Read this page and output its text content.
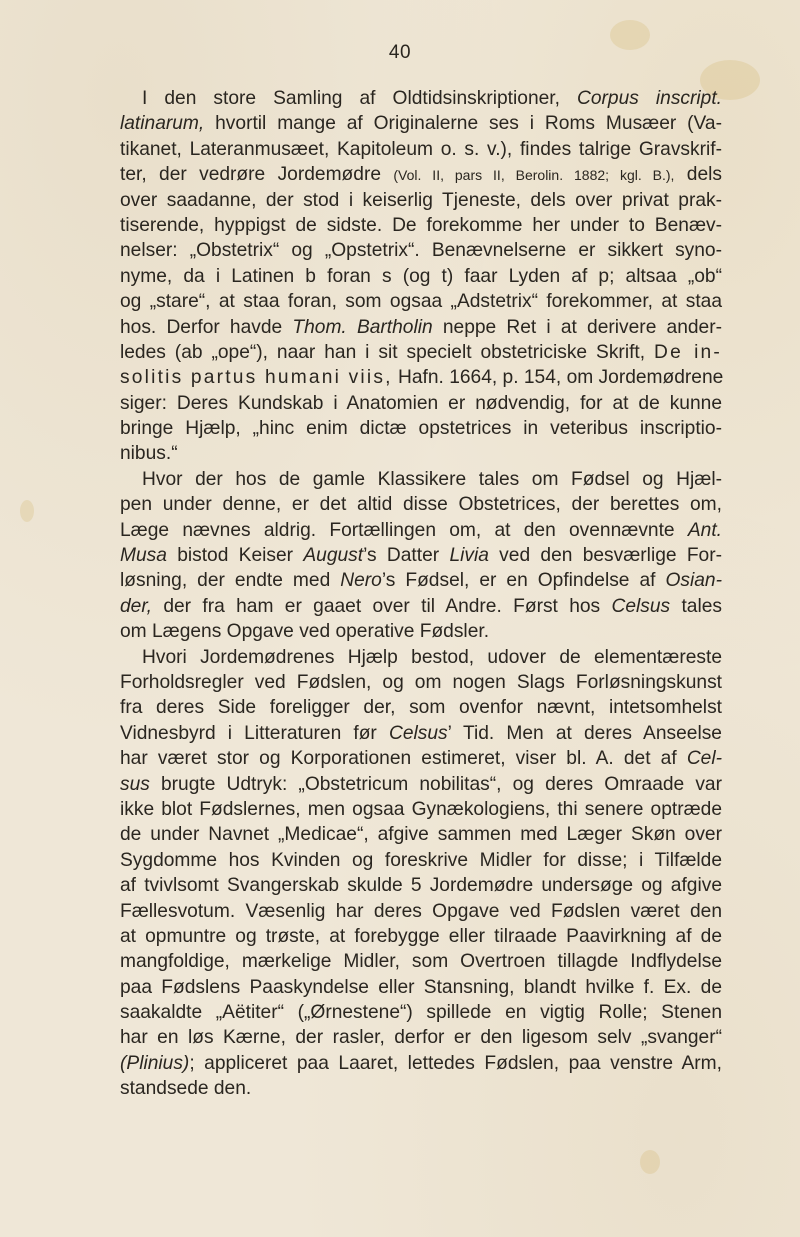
40
I den store Samling af Oldtidsinskriptioner, Corpus inscript.
latinarum, hvortil mange af Originalerne ses i Roms Musæer (Va-
tikanet, Lateranmusæet, Kapitoleum o. s. v.), findes talrige Gravskrif-
ter, der vedrøre Jordemødre (Vol. II, pars II, Berolin. 1882; kgl. B.), dels
over saadanne, der stod i keiserlig Tjeneste, dels over privat prak-
tiserende, hyppigst de sidste. De forekomme her under to Benæv-
nelser: „Obstetrix“ og „Opstetrix“. Benævnelserne er sikkert syno-
nyme, da i Latinen b foran s (og t) faar Lyden af p; altsaa „ob“
og „stare“, at staa foran, som ogsaa „Adstetrix“ forekommer, at staa
hos. Derfor havde Thom. Bartholin neppe Ret i at derivere ander-
ledes (ab „ope“), naar han i sit specielt obstetriciske Skrift, De in-
solitis partus humani viis, Hafn. 1664, p. 154, om Jordemødrene
siger: Deres Kundskab i Anatomien er nødvendig, for at de kunne
bringe Hjælp, „hinc enim dictæ opstetrices in veteribus inscriptio-
nibus.“
Hvor der hos de gamle Klassikere tales om Fødsel og Hjæl-
pen under denne, er det altid disse Obstetrices, der berettes om,
Læge nævnes aldrig. Fortællingen om, at den ovennævnte Ant.
Musa bistod Keiser August’s Datter Livia ved den besværlige For-
løsning, der endte med Nero’s Fødsel, er en Opfindelse af Osian-
der, der fra ham er gaaet over til Andre. Først hos Celsus tales
om Lægens Opgave ved operative Fødsler.
Hvori Jordemødrenes Hjælp bestod, udover de elementæreste
Forholdsregler ved Fødslen, og om nogen Slags Forløsningskunst
fra deres Side foreligger der, som ovenfor nævnt, intetsomhelst
Vidnesbyrd i Litteraturen før Celsus’ Tid. Men at deres Anseelse
har været stor og Korporationen estimeret, viser bl. A. det af Cel-
sus brugte Udtryk: „Obstetricum nobilitas“, og deres Omraade var
ikke blot Fødslernes, men ogsaa Gynækologiens, thi senere optræde
de under Navnet „Medicae“, afgive sammen med Læger Skøn over
Sygdomme hos Kvinden og foreskrive Midler for disse; i Tilfælde
af tvivlsomt Svangerskab skulde 5 Jordemødre undersøge og afgive
Fællesvotum. Væsenlig har deres Opgave ved Fødslen været den
at opmuntre og trøste, at forebygge eller tilraade Paavirkning af de
mangfoldige, mærkelige Midler, som Overtroen tillagde Indflydelse
paa Fødslens Paaskyndelse eller Stansning, blandt hvilke f. Ex. de
saakaldte „Aëtiter“ („Ørnestene“) spillede en vigtig Rolle; Stenen
har en løs Kærne, der rasler, derfor er den ligesom selv „svanger“
(Plinius); appliceret paa Laaret, lettedes Fødslen, paa venstre Arm,
standsede den.
